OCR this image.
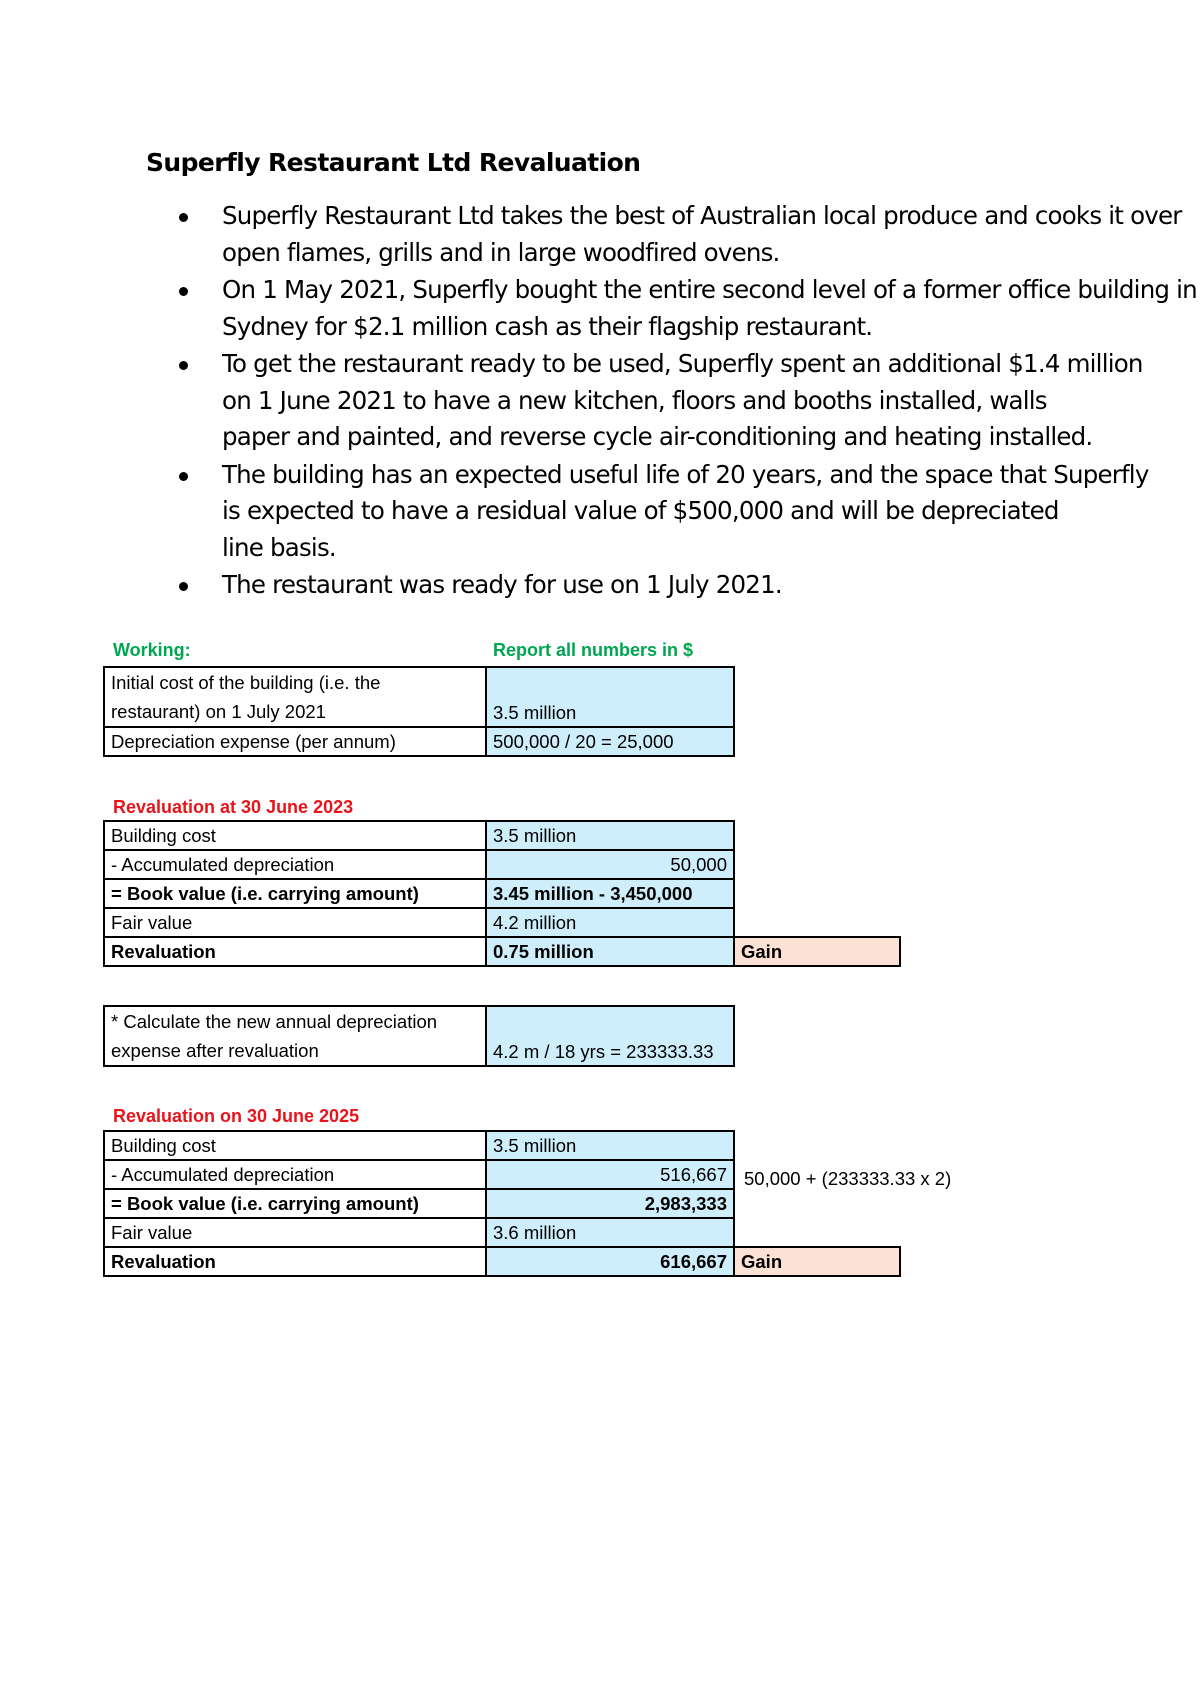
Superfly Restaurant Ltd Revaluation
Superfly Restaurant Ltd takes the best of Australian local produce and cooks it over
open flames, grills and in large woodfired ovens.
On 1 May 2021, Superfly bought the entire second level of a former office building in
Sydney for $2.1 million cash as their flagship restaurant.
To get the restaurant ready to be used, Superfly spent an additional $1.4 million
on 1 June 2021 to have a new kitchen, floors and booths installed, walls
paper and painted, and reverse cycle air-conditioning and heating installed.
The building has an expected useful life of 20 years, and the space that Superfly
is expected to have a residual value of $500,000 and will be depreciated
line basis.
The restaurant was ready for use on 1 July 2021.
Working:	Report all numbers in $
Initial cost of the building (i.e. the
restaurant) on 1 July 2021	3.5 million
Depreciation expense (per annum)	500,000 / 20 = 25,000
Revaluation at 30 June 2023
Building cost	3.5 million	
- Accumulated depreciation	50,000	
= Book value (i.e. carrying amount)	3.45 million - 3,450,000	
Fair value	4.2 million	
Revaluation	0.75 million	Gain
* Calculate the new annual depreciation
expense after revaluation	4.2 m / 18 yrs = 233333.33
Revaluation on 30 June 2025
Building cost	3.5 million	
- Accumulated depreciation	516,667	
= Book value (i.e. carrying amount)	2,983,333	
Fair value	3.6 million	
Revaluation	616,667	Gain
50,000 + (233333.33 x 2)
